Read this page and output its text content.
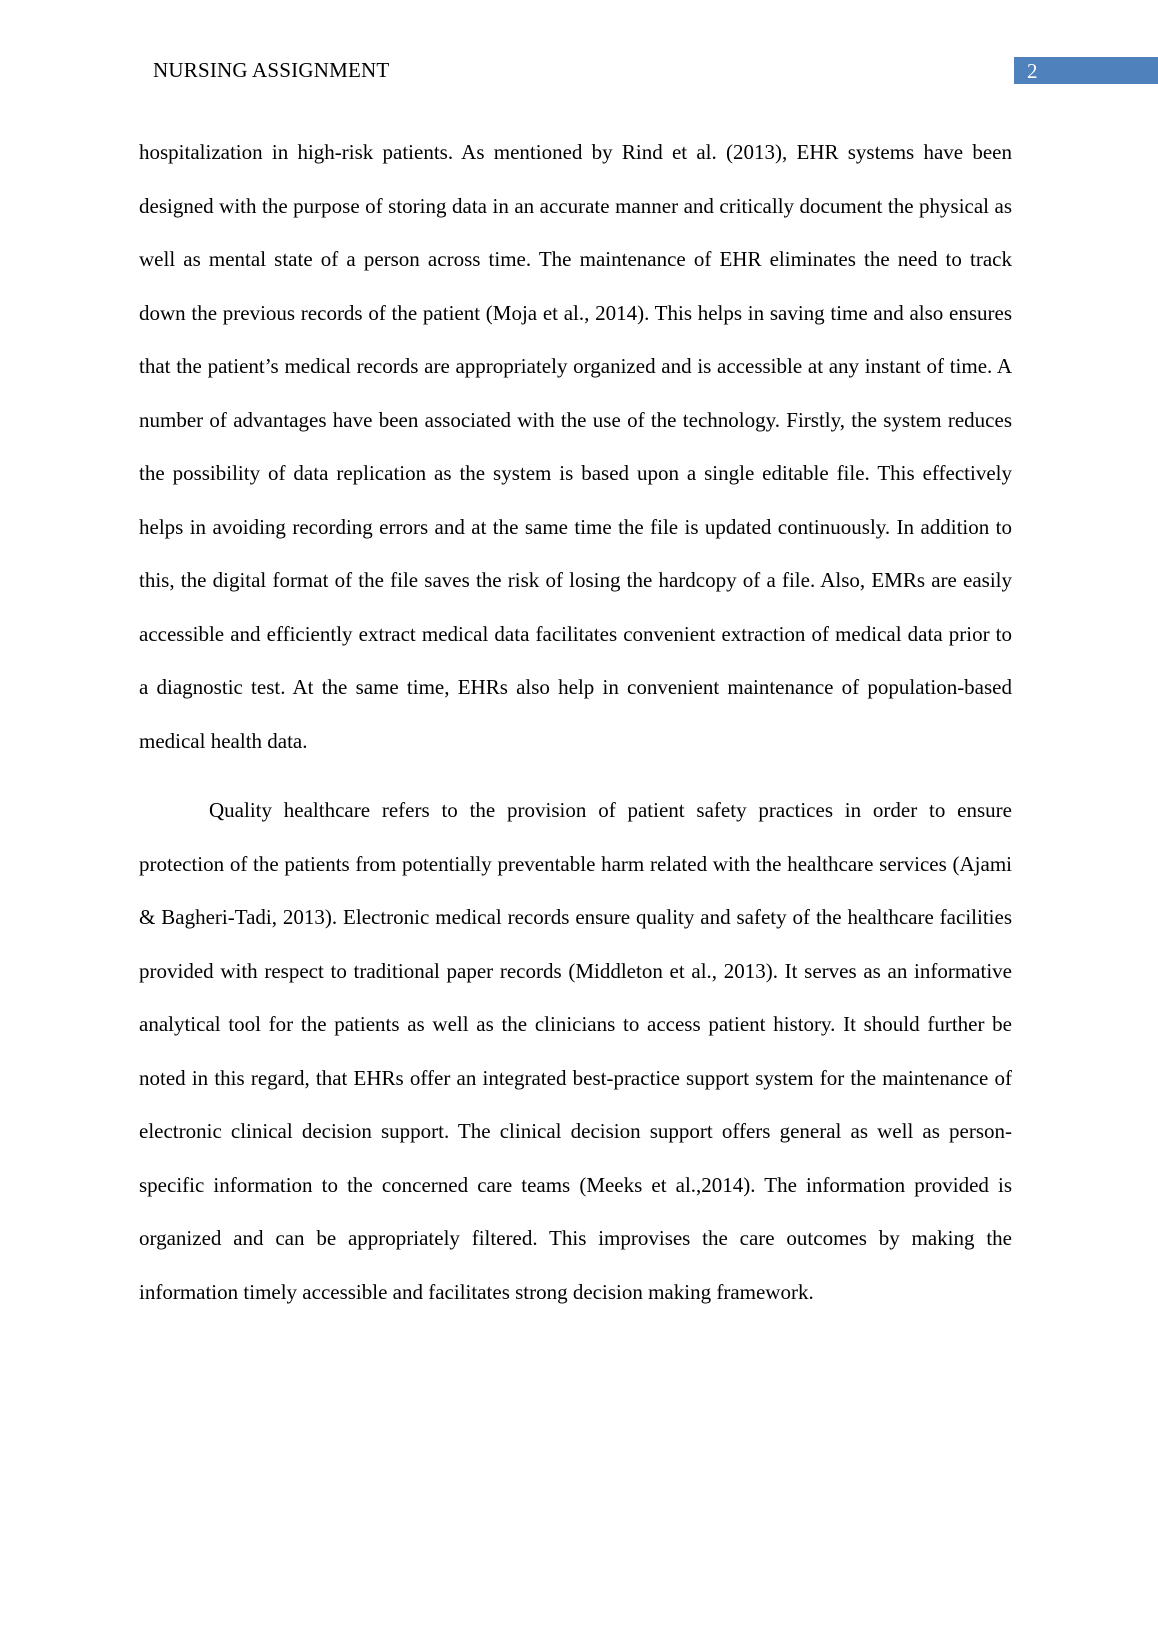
NURSING ASSIGNMENT	2

hospitalization in high-risk patients. As mentioned by Rind et al. (2013), EHR systems have been designed with the purpose of storing data in an accurate manner and critically document the physical as well as mental state of a person across time. The maintenance of EHR eliminates the need to track down the previous records of the patient (Moja et al., 2014). This helps in saving time and also ensures that the patient’s medical records are appropriately organized and is accessible at any instant of time. A number of advantages have been associated with the use of the technology. Firstly, the system reduces the possibility of data replication as the system is based upon a single editable file. This effectively helps in avoiding recording errors and at the same time the file is updated continuously. In addition to this, the digital format of the file saves the risk of losing the hardcopy of a file. Also, EMRs are easily accessible and efficiently extract medical data facilitates convenient extraction of medical data prior to a diagnostic test. At the same time, EHRs also help in convenient maintenance of population-based medical health data.

Quality healthcare refers to the provision of patient safety practices in order to ensure protection of the patients from potentially preventable harm related with the healthcare services (Ajami & Bagheri-Tadi, 2013). Electronic medical records ensure quality and safety of the healthcare facilities provided with respect to traditional paper records (Middleton et al., 2013). It serves as an informative analytical tool for the patients as well as the clinicians to access patient history. It should further be noted in this regard, that EHRs offer an integrated best-practice support system for the maintenance of electronic clinical decision support. The clinical decision support offers general as well as person-specific information to the concerned care teams (Meeks et al.,2014). The information provided is organized and can be appropriately filtered. This improvises the care outcomes by making the information timely accessible and facilitates strong decision making framework.
